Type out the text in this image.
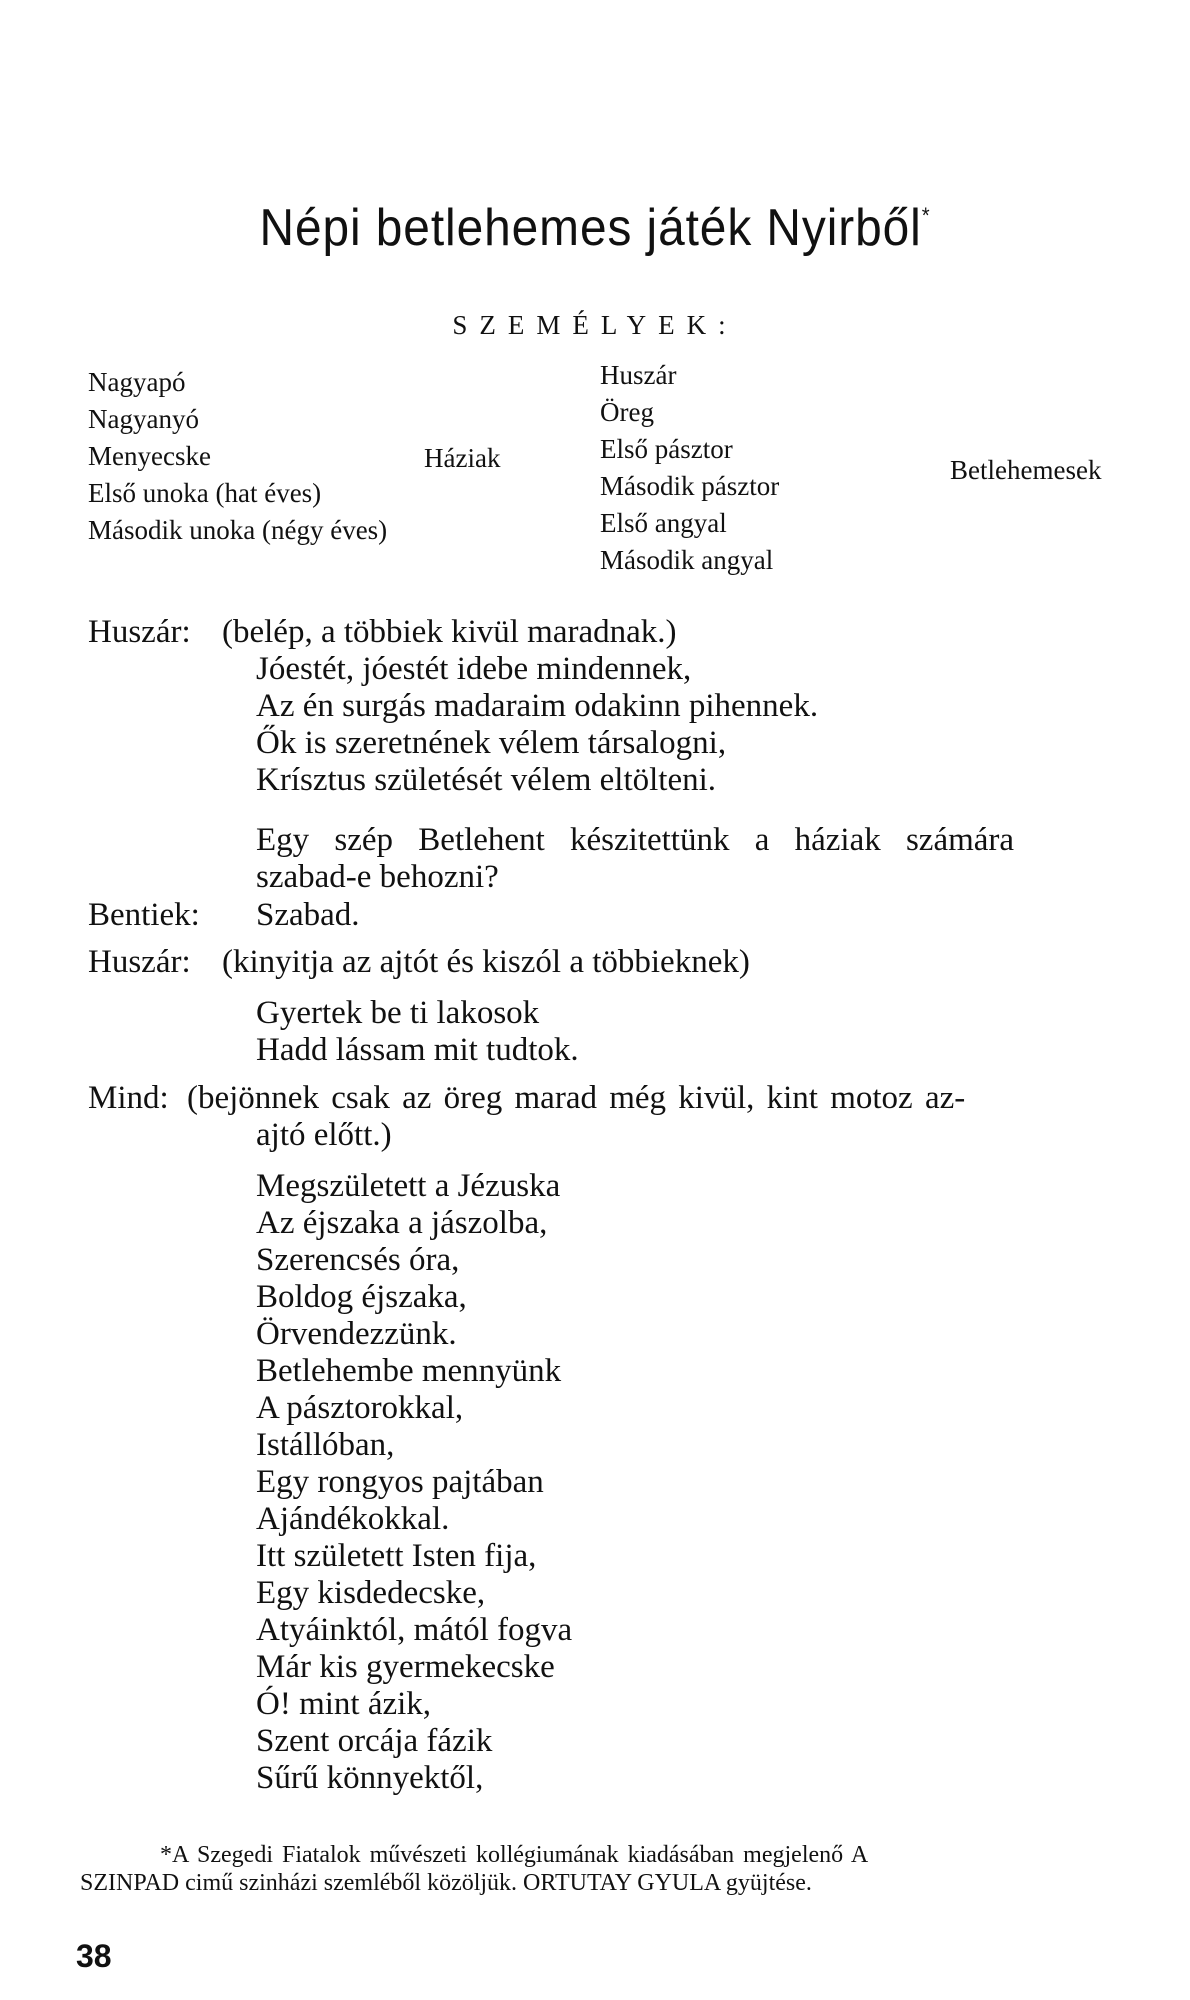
Népi betlehemes játék Nyirből*
SZEMÉLYEK:
Nagyapó
Nagyanyó
Menyecske
Első unoka (hat éves)
Második unoka (négy éves)
Háziak
Huszár
Öreg
Első pásztor
Második pásztor
Első angyal
Második angyal
Betlehemesek
Huszár: (belép, a többiek kivül maradnak.)
Jóestét, jóestét idebe mindennek,
Az én surgás madaraim odakinn pihennek.
Ők is szeretnének vélem társalogni,
Krísztus születését vélem eltölteni.
Egy szép Betlehent készitettünk a háziak számára
szabad-e behozni?
Bentiek: Szabad.
Huszár: (kinyitja az ajtót és kiszól a többieknek)
Gyertek be ti lakosok
Hadd lássam mit tudtok.
Mind: (bejönnek csak az öreg marad még kivül, kint motoz az-
ajtó előtt.)
Megszületett a Jézuska
Az éjszaka a jászolba,
Szerencsés óra,
Boldog éjszaka,
Örvendezzünk.
Betlehembe mennyünk
A pásztorokkal,
Istállóban,
Egy rongyos pajtában
Ajándékokkal.
Itt született Isten fija,
Egy kisdedecske,
Atyáinktól, mától fogva
Már kis gyermekecske
Ó! mint ázik,
Szent orcája fázik
Sűrű könnyektől,
*A Szegedi Fiatalok művészeti kollégiumának kiadásában megjelenő A
SZINPAD cimű szinházi szemléből közöljük. ORTUTAY GYULA gyüjtése.
38
